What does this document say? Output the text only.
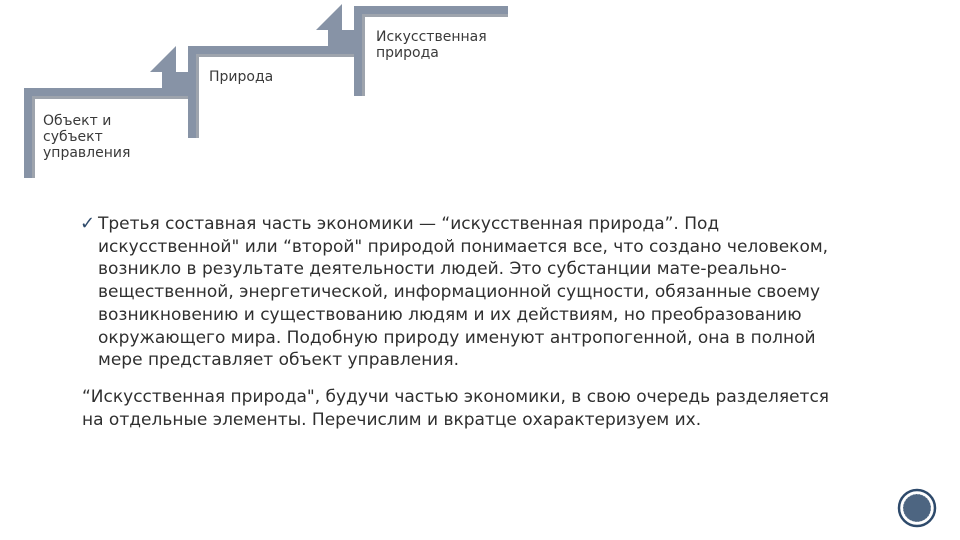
Объект и
субъект
управления
Природа
Искусственная
природа
✓ Третья составная часть экономики — “искусственная природа”. Под искусственной" или “второй" природой понимается все, что создано человеком, возникло в результате деятельности людей. Это субстанции мате-реально-вещественной, энергетической, информационной сущности, обязанные своему возникновению и существованию людям и их действиям, но преобразованию окружающего мира. Подобную природу именуют антропогенной, она в полной мере представляет объект управления.
“Искусственная природа", будучи частью экономики, в свою очередь разделяется на отдельные элементы. Перечислим и вкратце охарактеризуем их.
